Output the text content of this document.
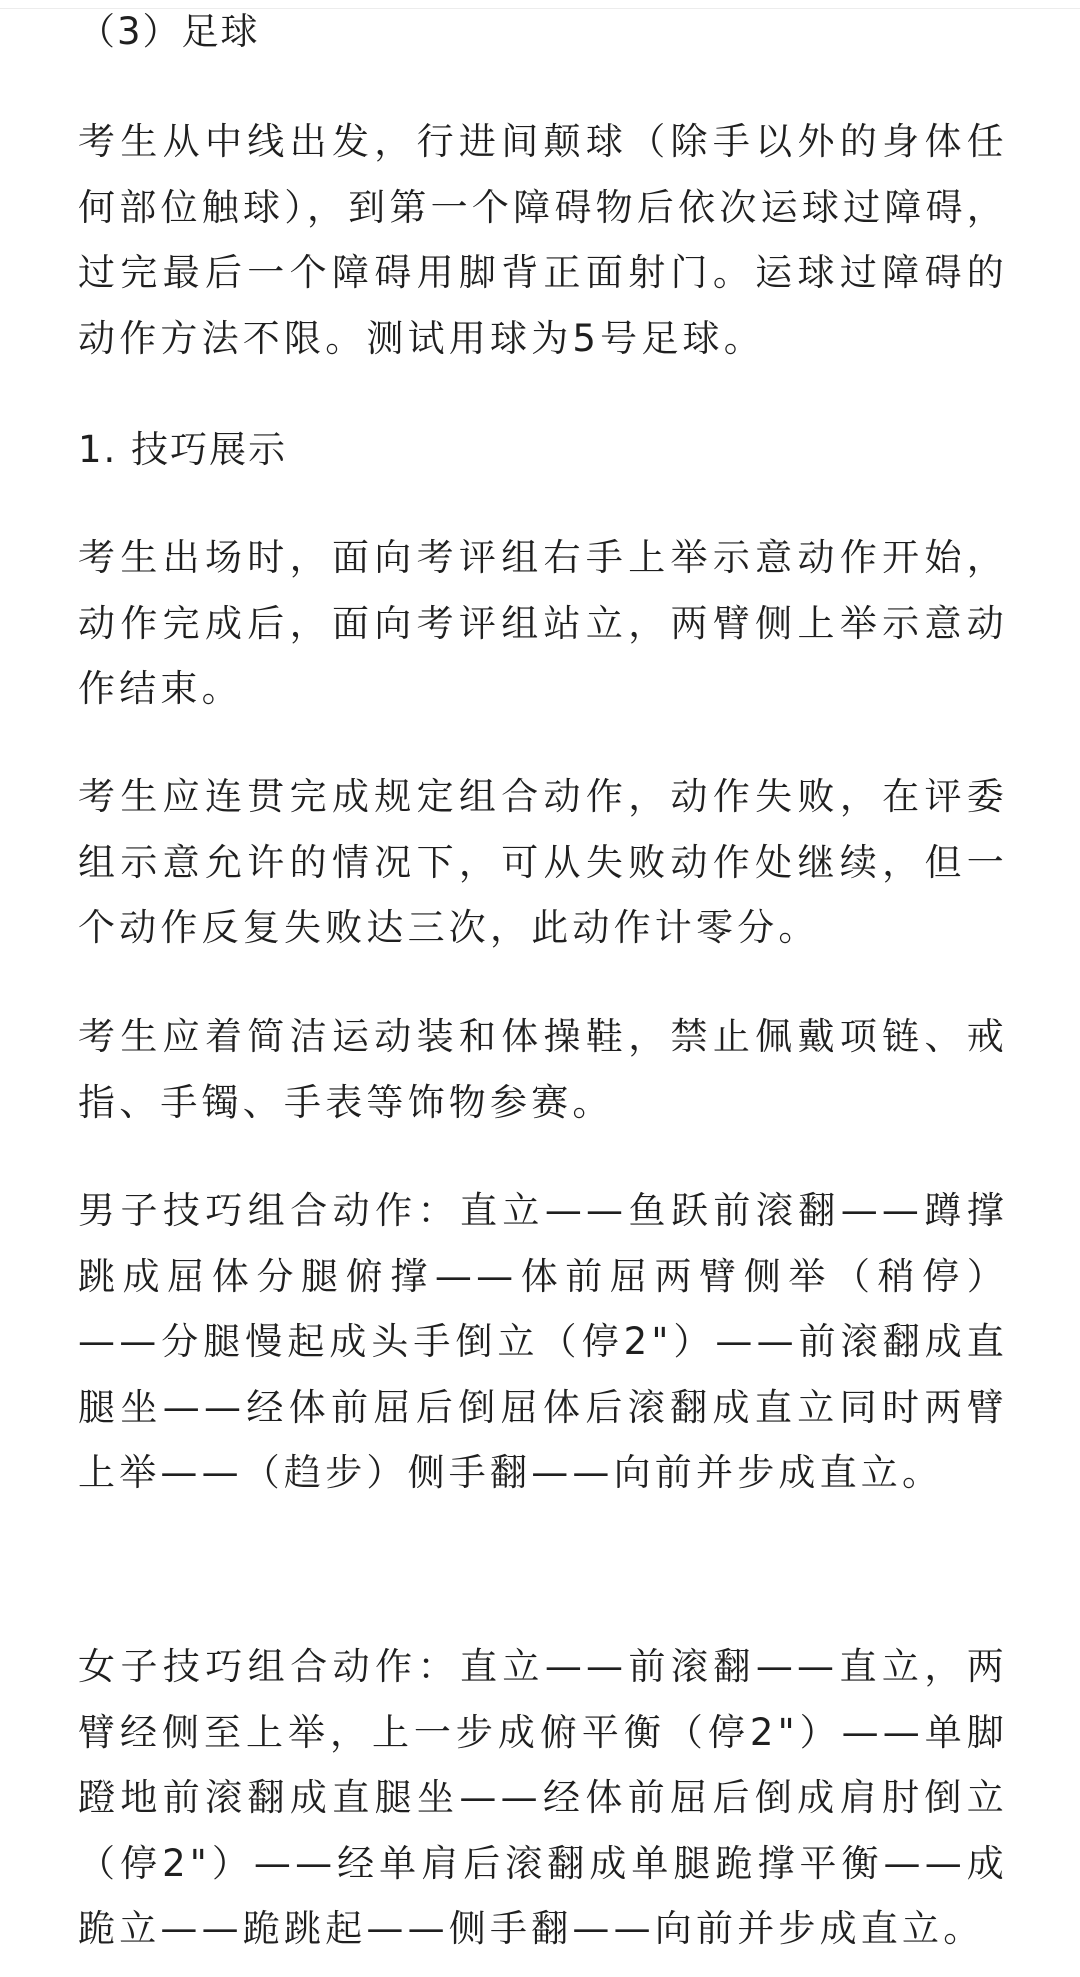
（3）足球

考生从中线出发，行进间颠球（除手以外的身体任何部位触球），到第一个障碍物后依次运球过障碍，过完最后一个障碍用脚背正面射门。运球过障碍的动作方法不限。测试用球为5号足球。

1. 技巧展示

考生出场时，面向考评组右手上举示意动作开始，动作完成后，面向考评组站立，两臂侧上举示意动作结束。

考生应连贯完成规定组合动作，动作失败，在评委组示意允许的情况下，可从失败动作处继续，但一个动作反复失败达三次，此动作计零分。

考生应着简洁运动装和体操鞋，禁止佩戴项链、戒指、手镯、手表等饰物参赛。

男子技巧组合动作：直立——鱼跃前滚翻——蹲撑跳成屈体分腿俯撑——体前屈两臂侧举（稍停）——分腿慢起成头手倒立（停2"）——前滚翻成直腿坐——经体前屈后倒屈体后滚翻成直立同时两臂上举——（趋步）侧手翻——向前并步成直立。

女子技巧组合动作：直立——前滚翻——直立，两臂经侧至上举，上一步成俯平衡（停2"）——单脚蹬地前滚翻成直腿坐——经体前屈后倒成肩肘倒立（停2"）——经单肩后滚翻成单腿跪撑平衡——成跪立——跪跳起——侧手翻——向前并步成直立。
